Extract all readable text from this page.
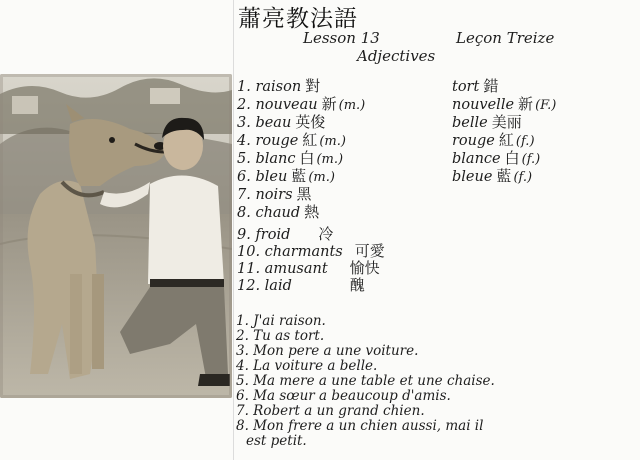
蕭亮教法語
Lesson 13	Leçon Treize
Adjectives
1. raison 對
2. nouveau 新 (m.)
3. beau 英俊
4. rouge 紅 (m.)
5. blanc 白 (m.)
6. bleu 藍 (m.)
7. noirs 黑
8. chaud 熱
tort 錯
nouvelle 新 (F.)
belle 美丽
rouge 紅 (f.)
blance 白 (f.)
bleue 藍 (f.)
9. froid 冷
10. charmants 可愛
11. amusant 愉快
12. laid	醜
1. J'ai raison.
2. Tu as tort.
3. Mon pere a une voiture.
4. La voiture a belle.
5. Ma mere a une table et une chaise.
6. Ma sœur a beaucoup d'amis.
7. Robert a un grand chien.
8. Mon frere a un chien aussi, mai il
est petit.
